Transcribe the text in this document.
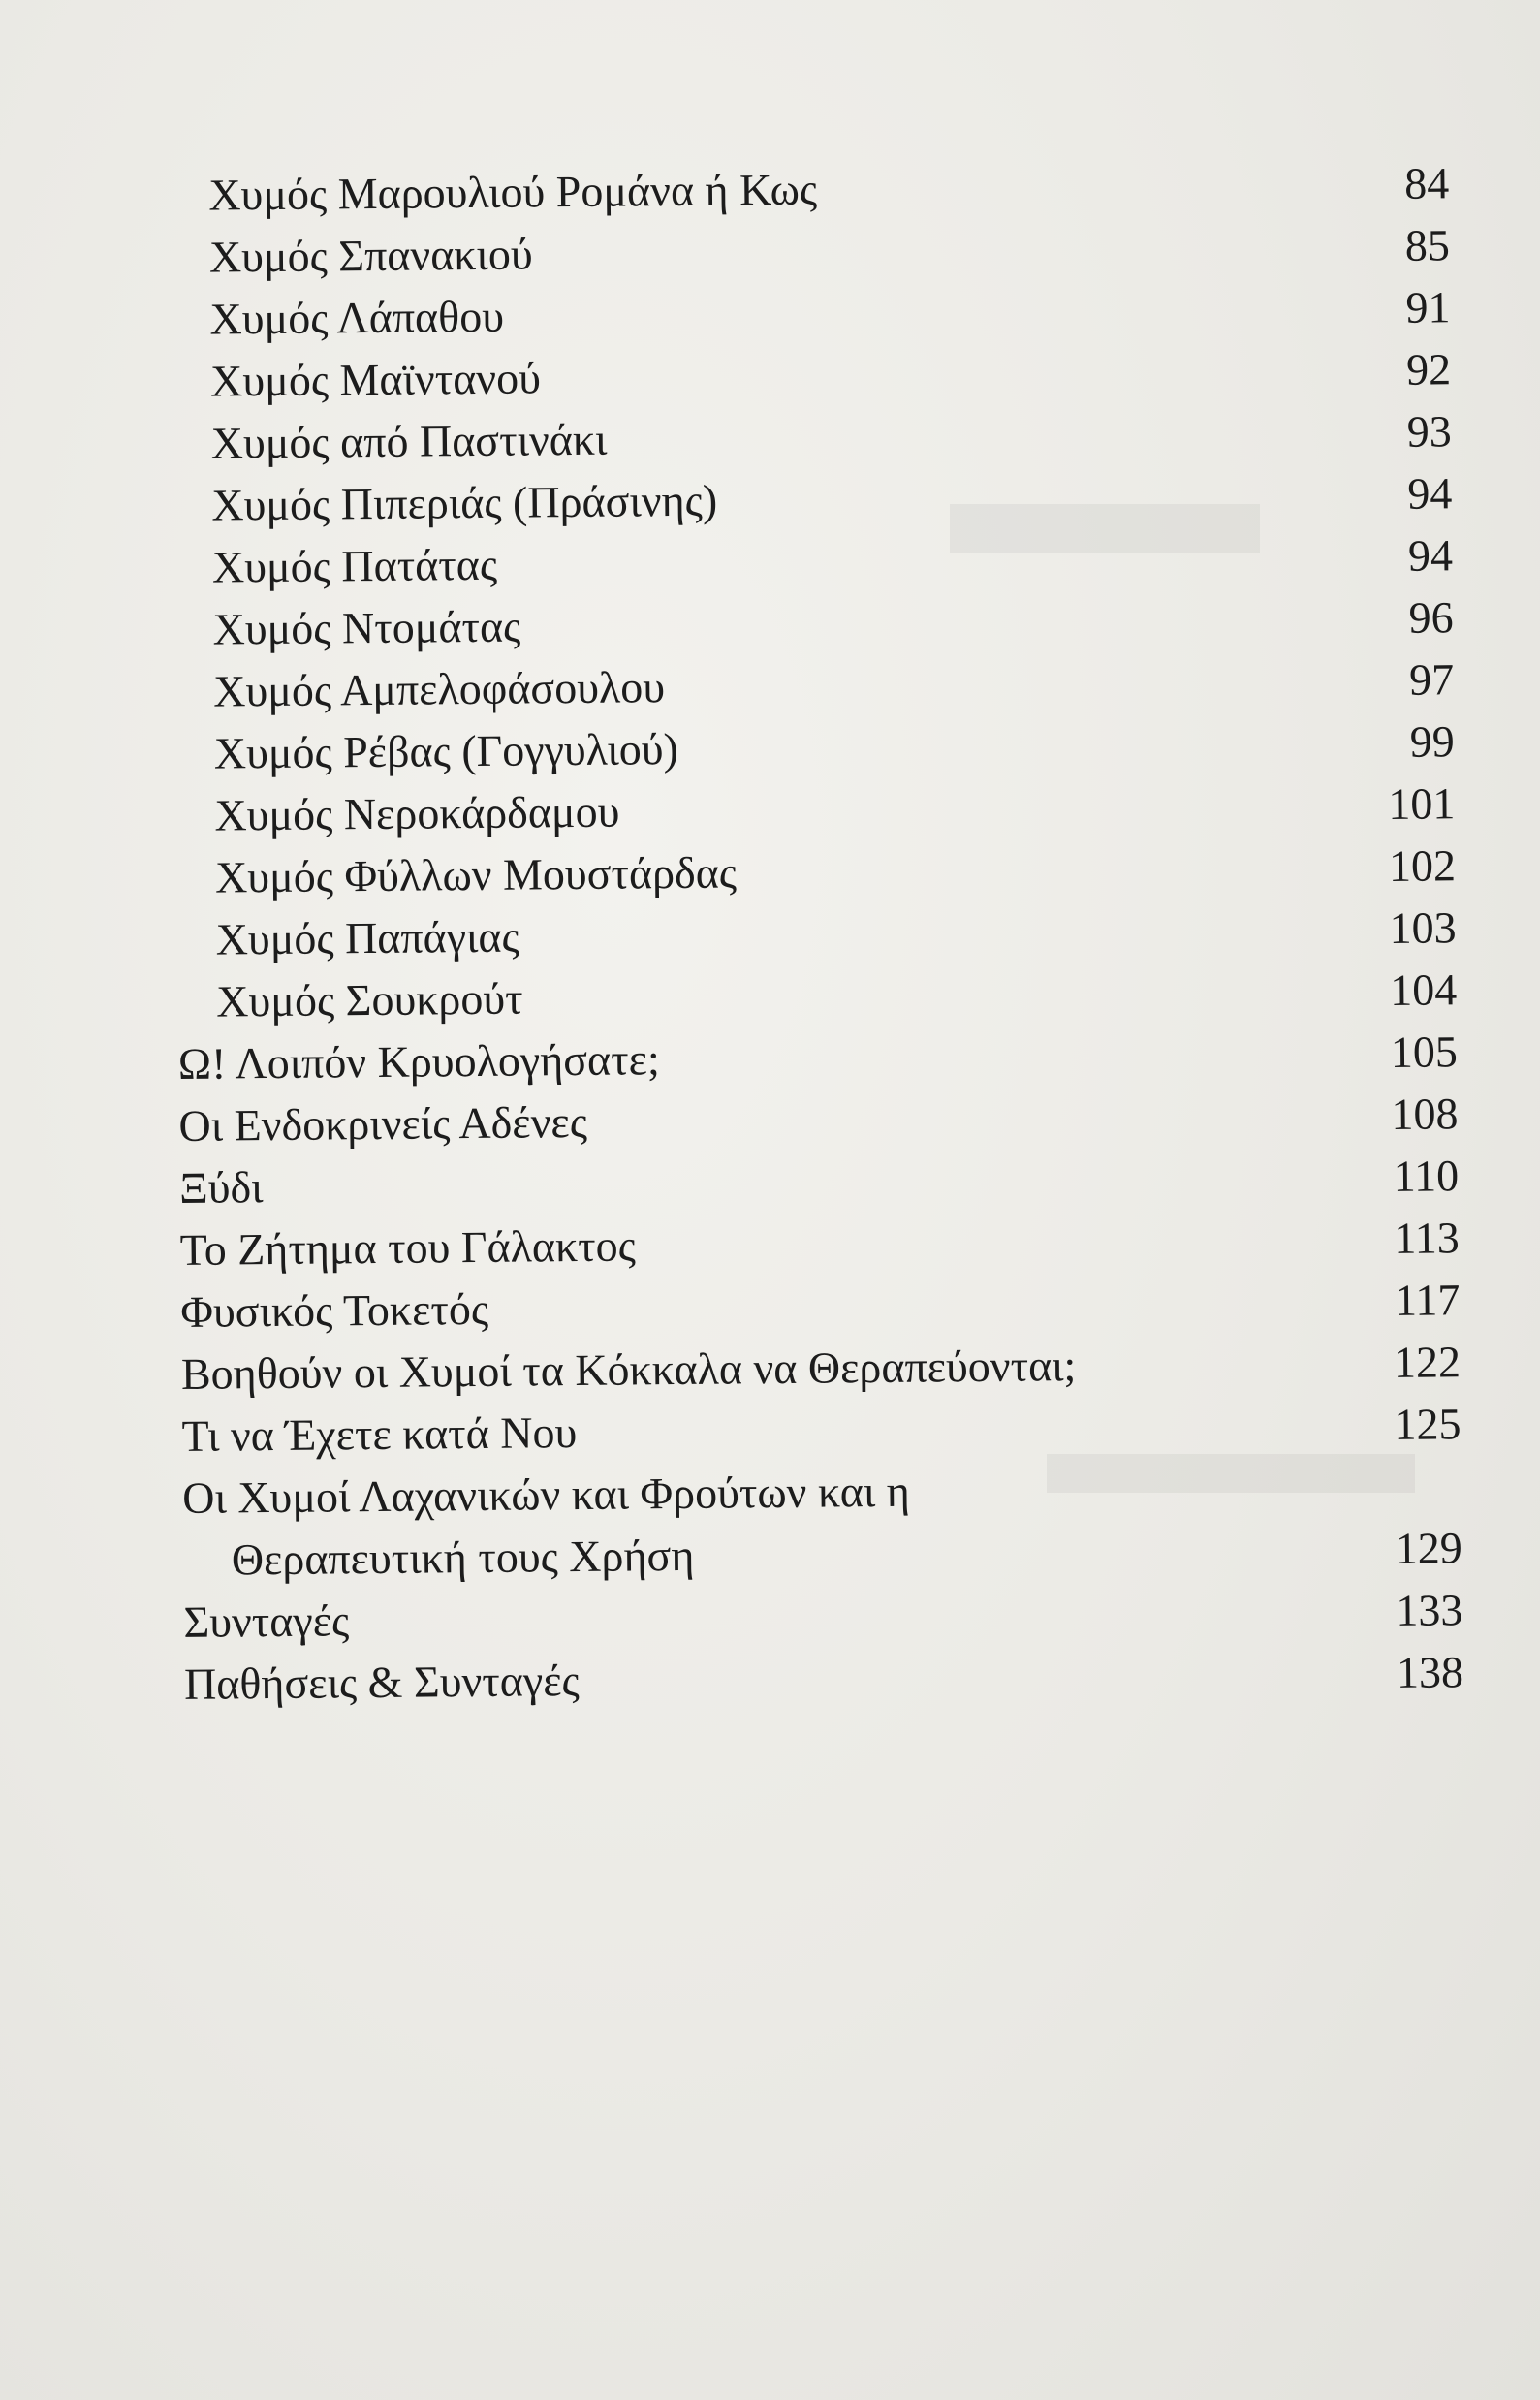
Χυμός Μαρουλιού Ρομάνα ή Κως	84
Χυμός Σπανακιού	85
Χυμός Λάπαθου	91
Χυμός Μαϊντανού	92
Χυμός από Παστινάκι	93
Χυμός Πιπεριάς (Πράσινης)	94
Χυμός Πατάτας	94
Χυμός Ντομάτας	96
Χυμός Αμπελοφάσουλου	97
Χυμός Ρέβας (Γογγυλιού)	99
Χυμός Νεροκάρδαμου	101
Χυμός Φύλλων Μουστάρδας	102
Χυμός Παπάγιας	103
Χυμός Σουκρούτ	104
Ω! Λοιπόν Κρυολογήσατε;	105
Οι Ενδοκρινείς Αδένες	108
Ξύδι	110
Το Ζήτημα του Γάλακτος	113
Φυσικός Τοκετός	117
Βοηθούν οι Χυμοί τα Κόκκαλα να Θεραπεύονται;	122
Τι να Έχετε κατά Νου	125
Οι Χυμοί Λαχανικών και Φρούτων και η
Θεραπευτική τους Χρήση	129
Συνταγές	133
Παθήσεις & Συνταγές	138
